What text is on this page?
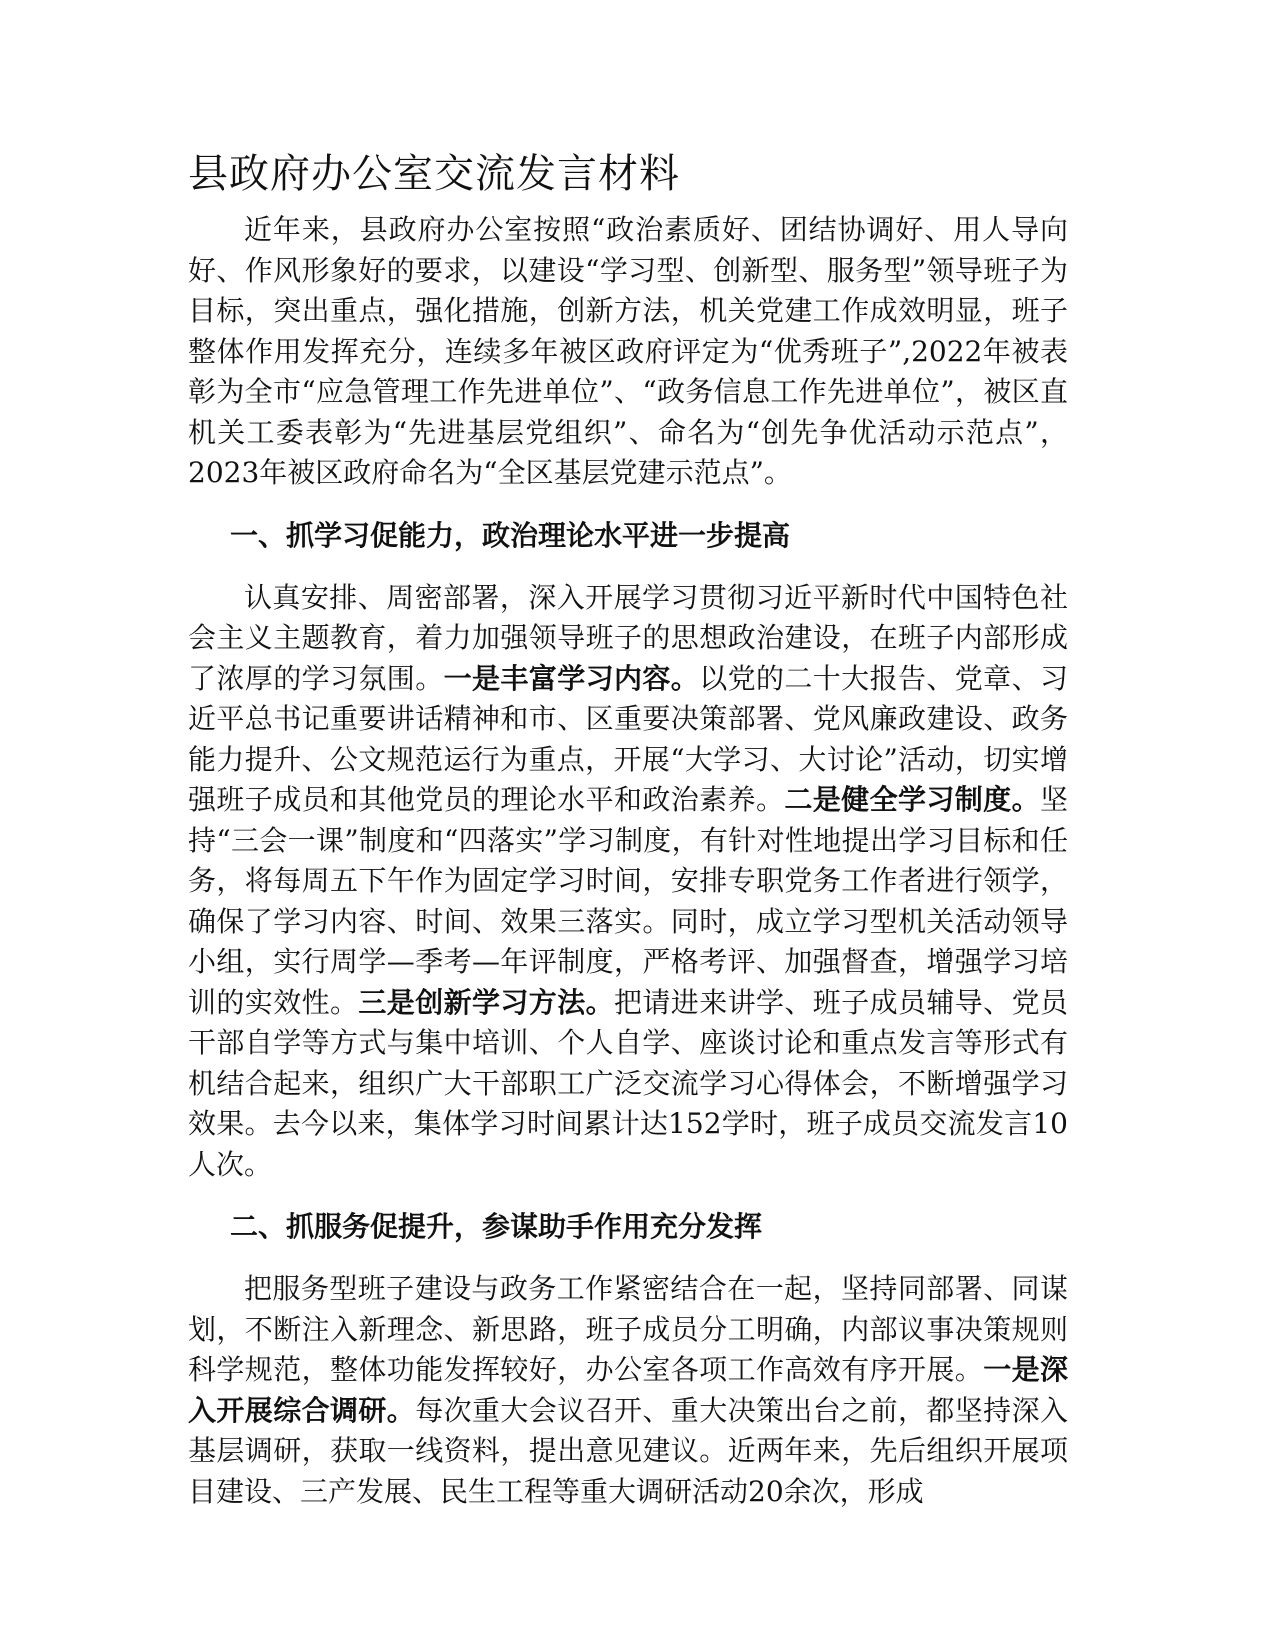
县政府办公室交流发言材料

近年来，县政府办公室按照“政治素质好、团结协调好、用人导向好、作风形象好的要求，以建设“学习型、创新型、服务型”领导班子为目标，突出重点，强化措施，创新方法，机关党建工作成效明显，班子整体作用发挥充分，连续多年被区政府评定为“优秀班子”,2022年被表彰为全市“应急管理工作先进单位”、“政务信息工作先进单位”，被区直机关工委表彰为“先进基层党组织”、命名为“创先争优活动示范点”，2023年被区政府命名为“全区基层党建示范点”。

一、抓学习促能力，政治理论水平进一步提高

认真安排、周密部署，深入开展学习贯彻习近平新时代中国特色社会主义主题教育，着力加强领导班子的思想政治建设，在班子内部形成了浓厚的学习氛围。一是丰富学习内容。以党的二十大报告、党章、习近平总书记重要讲话精神和市、区重要决策部署、党风廉政建设、政务能力提升、公文规范运行为重点，开展“大学习、大讨论”活动，切实增强班子成员和其他党员的理论水平和政治素养。二是健全学习制度。坚持“三会一课”制度和“四落实”学习制度，有针对性地提出学习目标和任务，将每周五下午作为固定学习时间，安排专职党务工作者进行领学，确保了学习内容、时间、效果三落实。同时，成立学习型机关活动领导小组，实行周学—季考—年评制度，严格考评、加强督查，增强学习培训的实效性。三是创新学习方法。把请进来讲学、班子成员辅导、党员干部自学等方式与集中培训、个人自学、座谈讨论和重点发言等形式有机结合起来，组织广大干部职工广泛交流学习心得体会，不断增强学习效果。去今以来，集体学习时间累计达152学时，班子成员交流发言10人次。

二、抓服务促提升，参谋助手作用充分发挥

把服务型班子建设与政务工作紧密结合在一起，坚持同部署、同谋划，不断注入新理念、新思路，班子成员分工明确，内部议事决策规则科学规范，整体功能发挥较好，办公室各项工作高效有序开展。一是深入开展综合调研。每次重大会议召开、重大决策出台之前，都坚持深入基层调研，获取一线资料，提出意见建议。近两年来，先后组织开展项目建设、三产发展、民生工程等重大调研活动20余次，形成
